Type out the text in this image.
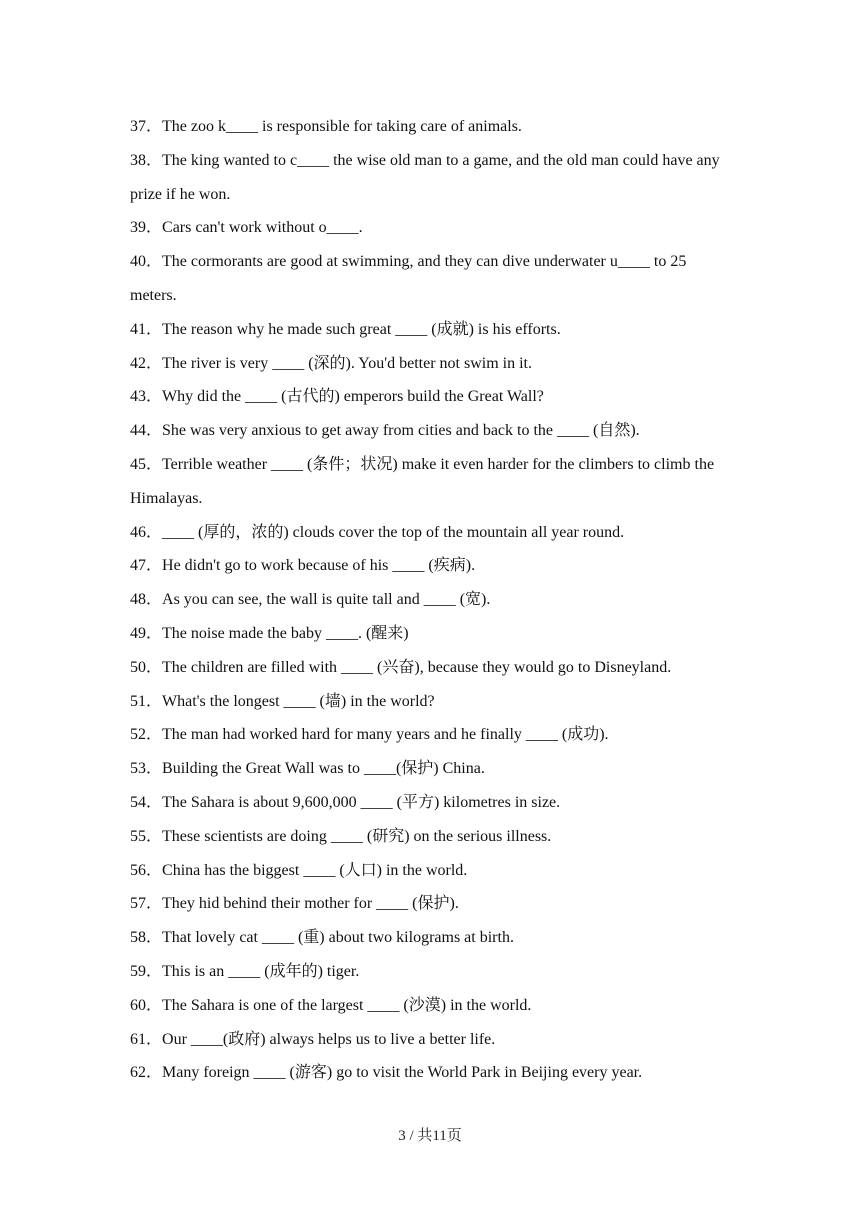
37．The zoo k____ is responsible for taking care of animals.
38．The king wanted to c____ the wise old man to a game, and the old man could have any prize if he won.
39．Cars can't work without o____.
40．The cormorants are good at swimming, and they can dive underwater u____ to 25 meters.
41．The reason why he made such great ____ (成就) is his efforts.
42．The river is very ____ (深的). You'd better not swim in it.
43．Why did the ____ (古代的) emperors build the Great Wall?
44．She was very anxious to get away from cities and back to the ____ (自然).
45．Terrible weather ____ (条件；状况) make it even harder for the climbers to climb the Himalayas.
46．____ (厚的，浓的) clouds cover the top of the mountain all year round.
47．He didn't go to work because of his ____ (疾病).
48．As you can see, the wall is quite tall and ____ (宽).
49．The noise made the baby ____. (醒来)
50．The children are filled with ____ (兴奋), because they would go to Disneyland.
51．What's the longest ____ (墙) in the world?
52．The man had worked hard for many years and he finally ____ (成功).
53．Building the Great Wall was to ____(保护) China.
54．The Sahara is about 9,600,000 ____ (平方) kilometres in size.
55．These scientists are doing ____ (研究) on the serious illness.
56．China has the biggest ____ (人口) in the world.
57．They hid behind their mother for ____ (保护).
58．That lovely cat ____ (重) about two kilograms at birth.
59．This is an ____ (成年的) tiger.
60．The Sahara is one of the largest ____ (沙漠) in the world.
61．Our ____(政府) always helps us to live a better life.
62．Many foreign ____ (游客) go to visit the World Park in Beijing every year.
3 / 共11页
